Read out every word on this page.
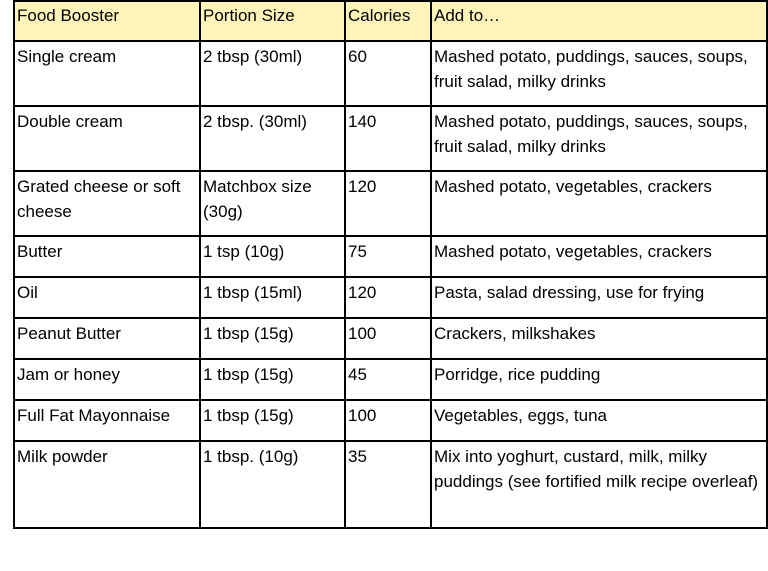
Food Booster	Portion Size	Calories	Add to…
Single cream	2 tbsp (30ml)	60	Mashed potato, puddings, sauces, soups, fruit salad, milky drinks
Double cream	2 tbsp. (30ml)	140	Mashed potato, puddings, sauces, soups, fruit salad, milky drinks
Grated cheese or soft cheese	Matchbox size (30g)	120	Mashed potato, vegetables, crackers
Butter	1 tsp (10g)	75	Mashed potato, vegetables, crackers
Oil	1 tbsp (15ml)	120	Pasta, salad dressing, use for frying
Peanut Butter	1 tbsp (15g)	100	Crackers, milkshakes
Jam or honey	1 tbsp (15g)	45	Porridge, rice pudding
Full Fat Mayonnaise	1 tbsp (15g)	100	Vegetables, eggs, tuna
Milk powder	1 tbsp. (10g)	35	Mix into yoghurt, custard, milk, milky puddings (see fortified milk recipe overleaf)
